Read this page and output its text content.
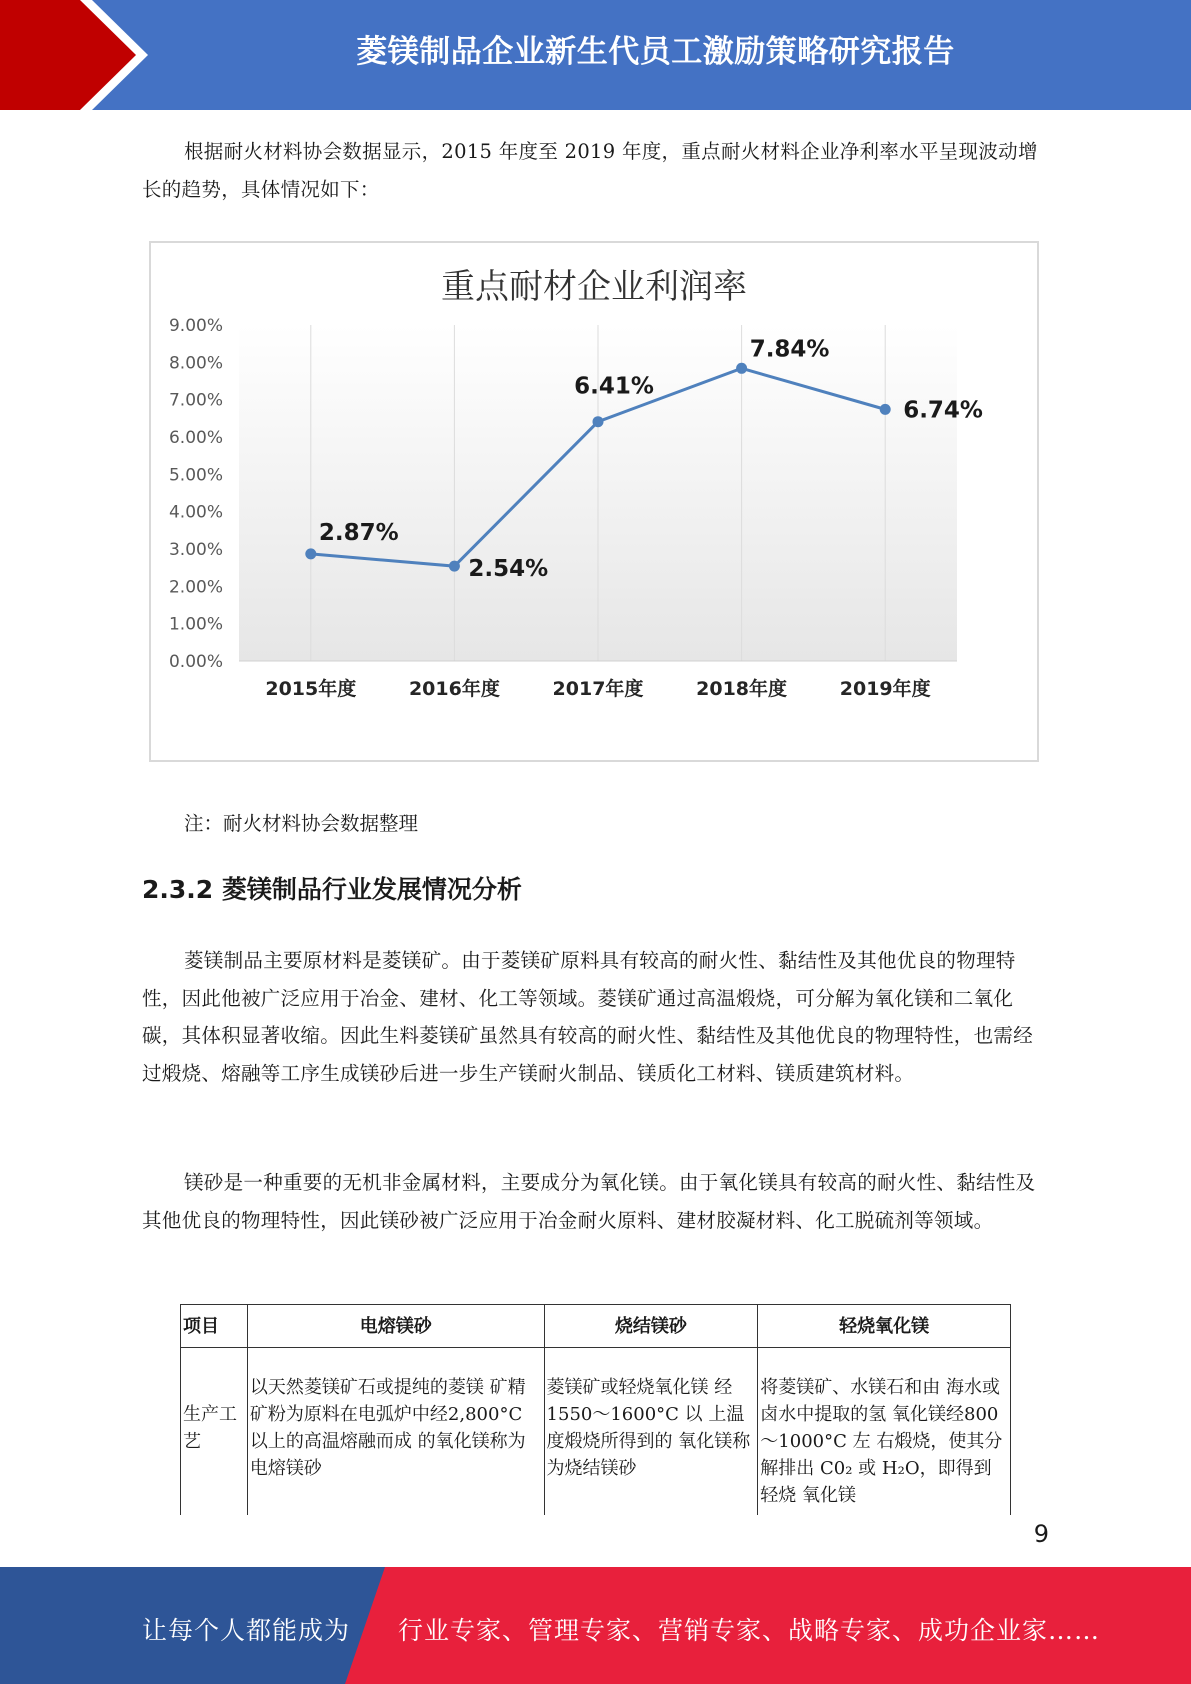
菱镁制品企业新生代员工激励策略研究报告
根据耐火材料协会数据显示，2015 年度至 2019 年度，重点耐火材料企业净利率水平呈现波动增长的趋势，具体情况如下：
重点耐材企业利润率
0.00%
1.00%
2.00%
3.00%
4.00%
5.00%
6.00%
7.00%
8.00%
9.00%
2015年度	2016年度	2017年度	2018年度	2019年度
2.87%
2.54%
6.41%
7.84%
6.74%
注：耐火材料协会数据整理
2.3.2 菱镁制品行业发展情况分析
菱镁制品主要原材料是菱镁矿。由于菱镁矿原料具有较高的耐火性、黏结性及其他优良的物理特性，因此他被广泛应用于冶金、建材、化工等领域。菱镁矿通过高温煅烧，可分解为氧化镁和二氧化碳，其体积显著收缩。因此生料菱镁矿虽然具有较高的耐火性、黏结性及其他优良的物理特性，也需经过煅烧、熔融等工序生成镁砂后进一步生产镁耐火制品、镁质化工材料、镁质建筑材料。
镁砂是一种重要的无机非金属材料，主要成分为氧化镁。由于氧化镁具有较高的耐火性、黏结性及其他优良的物理特性，因此镁砂被广泛应用于冶金耐火原料、建材胶凝材料、化工脱硫剂等领域。
项目	电熔镁砂	烧结镁砂	轻烧氧化镁
生产工艺	以天然菱镁矿石或提纯的菱镁 矿精矿粉为原料在电弧炉中经2,800°C 以上的高温熔融而成 的氧化镁称为电熔镁砂	菱镁矿或轻烧氧化镁 经1550～1600°C 以 上温度煅烧所得到的 氧化镁称为烧结镁砂	将菱镁矿、水镁石和由 海水或卤水中提取的氢 氧化镁经800～1000°C 左 右煅烧，使其分解排出 C0₂ 或 H₂O，即得到轻烧 氧化镁
9
让每个人都能成为 行业专家、管理专家、营销专家、战略专家、成功企业家……
